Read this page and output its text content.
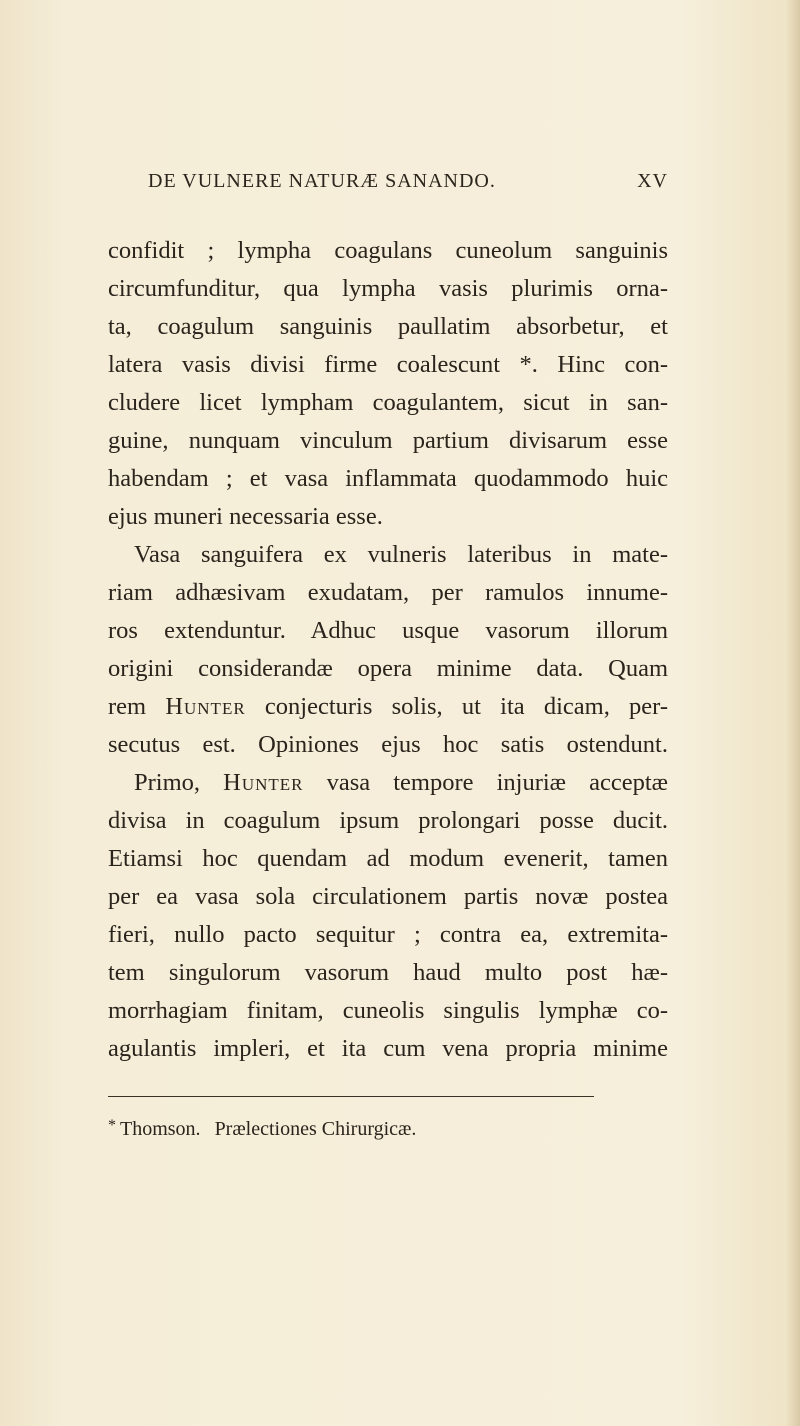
DE VULNERE NATURÆ SANANDO.	XV
confidit ; lympha coagulans cuneolum sanguinis
circumfunditur, qua lympha vasis plurimis orna-
ta, coagulum sanguinis paullatim absorbetur, et
latera vasis divisi firme coalescunt *. Hinc con-
cludere licet lympham coagulantem, sicut in san-
guine, nunquam vinculum partium divisarum esse
habendam ; et vasa inflammata quodammodo huic
ejus muneri necessaria esse.
Vasa sanguifera ex vulneris lateribus in mate-
riam adhæsivam exudatam, per ramulos innume-
ros extenduntur. Adhuc usque vasorum illorum
origini considerandæ opera minime data. Quam
rem Hunter conjecturis solis, ut ita dicam, per-
secutus est. Opiniones ejus hoc satis ostendunt.
Primo, Hunter vasa tempore injuriæ acceptæ
divisa in coagulum ipsum prolongari posse ducit.
Etiamsi hoc quendam ad modum evenerit, tamen
per ea vasa sola circulationem partis novæ postea
fieri, nullo pacto sequitur ; contra ea, extremita-
tem singulorum vasorum haud multo post hæ-
morrhagiam finitam, cuneolis singulis lymphæ co-
agulantis impleri, et ita cum vena propria minime
* Thomson. Prælectiones Chirurgicæ.
